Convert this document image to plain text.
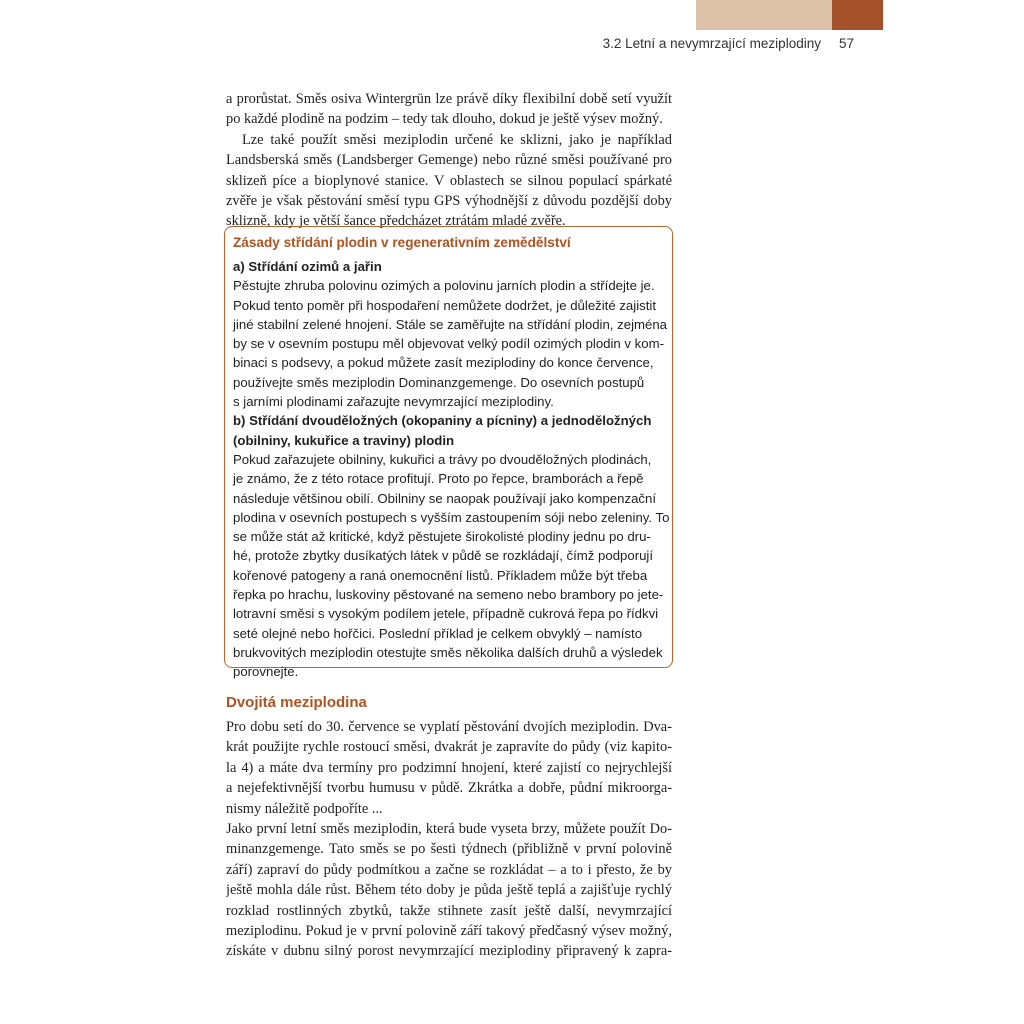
3.2 Letní a nevymrzající meziplodiny 57

a prorůstat. Směs osiva Wintergrün lze právě díky flexibilní době setí využít
po každé plodině na podzim – tedy tak dlouho, dokud je ještě výsev možný.

Lze také použít směsi meziplodin určené ke sklizni, jako je například
Landsberská směs (Landsberger Gemenge) nebo různé směsi používané pro
sklizeň píce a bioplynové stanice. V oblastech se silnou populací spárkaté
zvěře je však pěstování směsí typu GPS výhodnější z důvodu pozdější doby
sklizně, kdy je větší šance předcházet ztrátám mladé zvěře.

Zásady střídání plodin v regenerativním zemědělství
a) Střídání ozimů a jařin
Pěstujte zhruba polovinu ozimých a polovinu jarních plodin a střídejte je.
Pokud tento poměr při hospodaření nemůžete dodržet, je důležité zajistit
jiné stabilní zelené hnojení. Stále se zaměřujte na střídání plodin, zejména
by se v osevním postupu měl objevovat velký podíl ozimých plodin v kom-
binaci s podsevy, a pokud můžete zasít meziplodiny do konce července,
používejte směs meziplodin Dominanzgemenge. Do osevních postupů
s jarními plodinami zařazujte nevymrzající meziplodiny.
b) Střídání dvouděložných (okopaniny a pícniny) a jednoděložných
(obilniny, kukuřice a traviny) plodin
Pokud zařazujete obilniny, kukuřici a trávy po dvouděložných plodinách,
je známo, že z této rotace profitují. Proto po řepce, bramborách a řepě
následuje většinou obilí. Obilniny se naopak používají jako kompenzační
plodina v osevních postupech s vyšším zastoupením sóji nebo zeleniny. To
se může stát až kritické, když pěstujete širokolisté plodiny jednu po dru-
hé, protože zbytky dusíkatých látek v půdě se rozkládají, čímž podporují
kořenové patogeny a raná onemocnění listů. Příkladem může být třeba
řepka po hrachu, luskoviny pěstované na semeno nebo brambory po jete-
lotravní směsi s vysokým podílem jetele, případně cukrová řepa po řídkvi
seté olejné nebo hořčici. Poslední příklad je celkem obvyklý – namísto
brukvovitých meziplodin otestujte směs několika dalších druhů a výsledek
porovnejte.
Dvojitá meziplodina

Pro dobu setí do 30. července se vyplatí pěstování dvojích meziplodin. Dva-
krát použijte rychle rostoucí směsi, dvakrát je zapravíte do půdy (viz kapito-
la 4) a máte dva termíny pro podzimní hnojení, které zajistí co nejrychlejší
a nejefektivnější tvorbu humusu v půdě. Zkrátka a dobře, půdní mikroorga-
nismy náležitě podpoříte ...

Jako první letní směs meziplodin, která bude vyseta brzy, můžete použít Do-
minanzgemenge. Tato směs se po šesti týdnech (přibližně v první polovině
září) zapraví do půdy podmítkou a začne se rozkládat – a to i přesto, že by
ještě mohla dále růst. Během této doby je půda ještě teplá a zajišťuje rychlý
rozklad rostlinných zbytků, takže stihnete zasít ještě další, nevymrzající
meziplodinu. Pokud je v první polovině září takový předčasný výsev možný,
získáte v dubnu silný porost nevymrzající meziplodiny připravený k zapra-
